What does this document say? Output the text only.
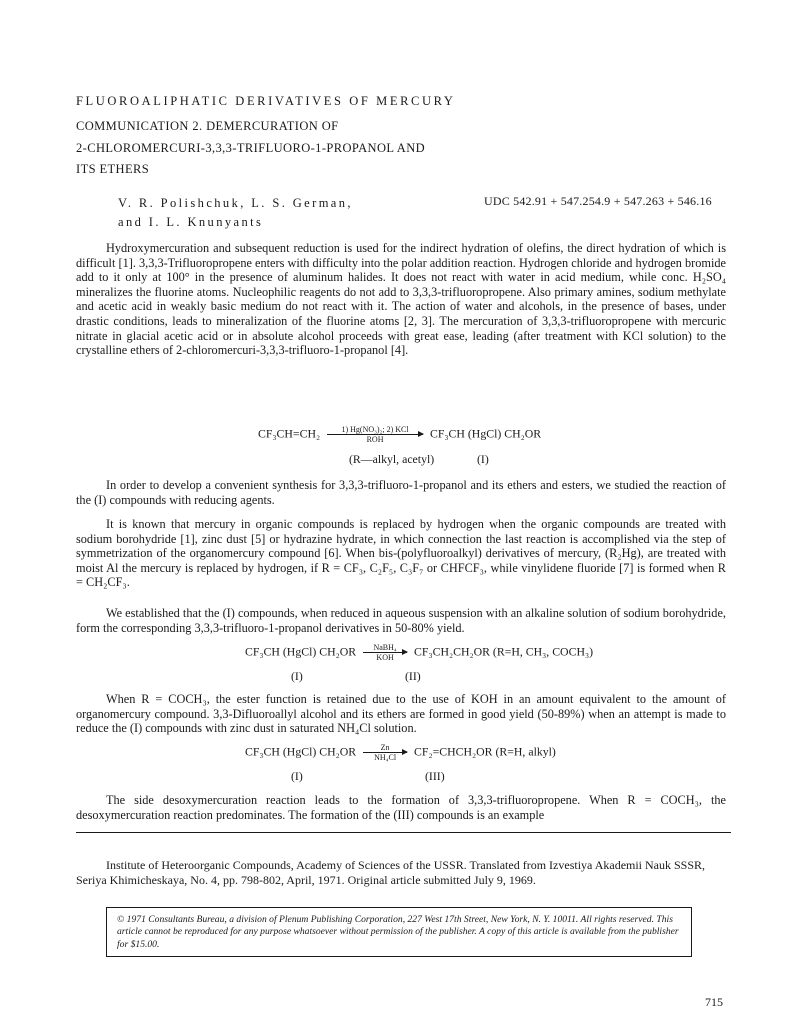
FLUOROALIPHATIC DERIVATIVES OF MERCURY
COMMUNICATION 2. DEMERCURATION OF
2-CHLOROMERCURI-3,3,3-TRIFLUORO-1-PROPANOL AND
ITS ETHERS
V. R. Polishchuk, L. S. German,
and I. L. Knunyants
UDC 542.91 + 547.254.9 + 547.263 + 546.16

Hydroxymercuration and subsequent reduction is used for the indirect hydration of olefins, the direct hydration of which is difficult [1]. 3,3,3-Trifluoropropene enters with difficulty into the polar addition reaction. Hydrogen chloride and hydrogen bromide add to it only at 100° in the presence of aluminum halides. It does not react with water in acid medium, while conc. H₂SO₄ mineralizes the fluorine atoms. Nucleophilic reagents do not add to 3,3,3-trifluoropropene. Also primary amines, sodium methylate and acetic acid in weakly basic medium do not react with it. The action of water and alcohols, in the presence of bases, under drastic conditions, leads to mineralization of the fluorine atoms [2, 3]. The mercuration of 3,3,3-trifluoropropene with mercuric nitrate in glacial acetic acid or in absolute alcohol proceeds with great ease, leading (after treatment with KCl solution) to the crystalline ethers of 2-chloromercuri-3,3,3-trifluoro-1-propanol [4].

CF₃CH=CH₂	1) Hg(NO₃)₂; 2) KCl
ROH	CF₃CH (HgCl) CH₂OR
(R—alkyl, acetyl)	(I)

In order to develop a convenient synthesis for 3,3,3-trifluoro-1-propanol and its ethers and esters, we studied the reaction of the (I) compounds with reducing agents.

It is known that mercury in organic compounds is replaced by hydrogen when the organic compounds are treated with sodium borohydride [1], zinc dust [5] or hydrazine hydrate, in which connection the last reaction is accomplished via the step of symmetrization of the organomercury compound [6]. When bis-(polyfluoroalkyl) derivatives of mercury, (R₂Hg), are treated with moist Al the mercury is replaced by hydrogen, if R = CF₃, C₂F₅, C₃F₇ or CHFCF₃, while vinylidene fluoride [7] is formed when R = CH₂CF₃.

We established that the (I) compounds, when reduced in aqueous suspension with an alkaline solution of sodium borohydride, form the corresponding 3,3,3-trifluoro-1-propanol derivatives in 50-80% yield.

CF₃CH (HgCl) CH₂OR	NaBH₄
KOH	CF₃CH₂CH₂OR (R=H, CH₃, COCH₃)
(I)	(II)

When R = COCH₃, the ester function is retained due to the use of KOH in an amount equivalent to the amount of organomercury compound. 3,3-Difluoroallyl alcohol and its ethers are formed in good yield (50-89%) when an attempt is made to reduce the (I) compounds with zinc dust in saturated NH₄Cl solution.

CF₃CH (HgCl) $CH_2OR \frac{Zn}{\text{NH₄Cl}}$ CF₂=CHCH₂OR (R=H, alkyl)
(I)	(III)

The side desoxymercuration reaction leads to the formation of 3,3,3-trifluoropropene. When R = COCH₃, the desoxymercuration reaction predominates. The formation of the (III) compounds is an example

Institute of Heteroorganic Compounds, Academy of Sciences of the USSR. Translated from Izvestiya Akademii Nauk SSSR, Seriya Khimicheskaya, No. 4, pp. 798-802, April, 1971. Original article submitted July 9, 1969.

© 1971 Consultants Bureau, a division of Plenum Publishing Corporation, 227 West 17th Street, New York, N. Y. 10011. All rights reserved. This article cannot be reproduced for any purpose whatsoever without permission of the publisher. A copy of this article is available from the publisher for $15.00.
715
